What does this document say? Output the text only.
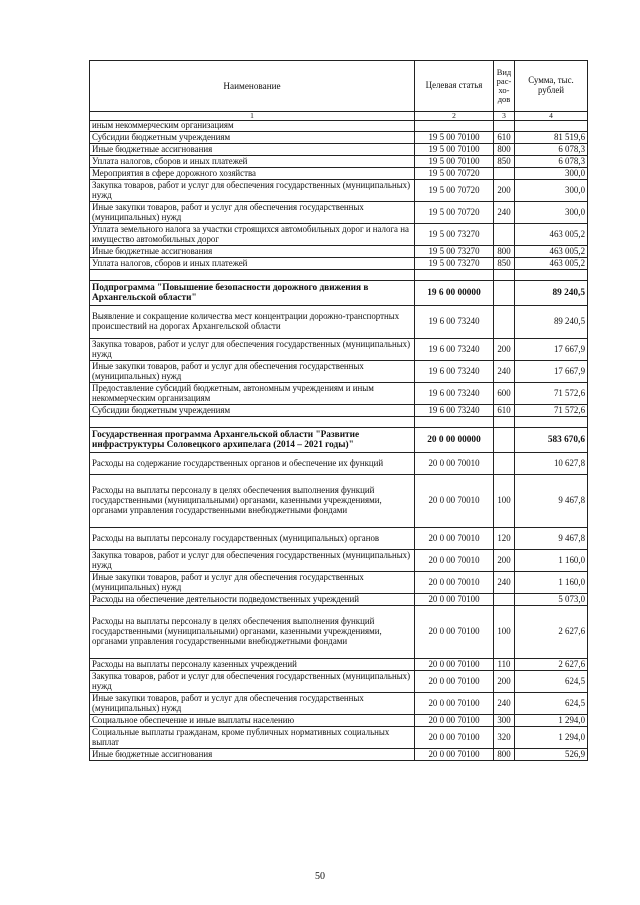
Наименование	Целевая статья	Вид рас-хо-дов	Сумма, тыс. рублей
1	2	3	4
иным некоммерческим организациям			
Субсидии бюджетным учреждениям	19 5 00 70100	610	81 519,6
Иные бюджетные ассигнования	19 5 00 70100	800	6 078,3
Уплата налогов, сборов и иных платежей	19 5 00 70100	850	6 078,3
Мероприятия в сфере дорожного хозяйства	19 5 00 70720		300,0
Закупка товаров, работ и услуг для обеспечения государственных (муниципальных) нужд	19 5 00 70720	200	300,0
Иные закупки товаров, работ и услуг для обеспечения государственных (муниципальных) нужд	19 5 00 70720	240	300,0
Уплата земельного налога за участки строящихся автомобильных дорог и налога на имущество автомобильных дорог	19 5 00 73270		463 005,2
Иные бюджетные ассигнования	19 5 00 73270	800	463 005,2
Уплата налогов, сборов и иных платежей	19 5 00 73270	850	463 005,2

Подпрограмма "Повышение безопасности дорожного движения в Архангельской области"	19 6 00 00000		89 240,5
Выявление и сокращение количества мест концентрации дорожно-транспортных происшествий на дорогах Архангельской области	19 6 00 73240		89 240,5
Закупка товаров, работ и услуг для обеспечения государственных (муниципальных) нужд	19 6 00 73240	200	17 667,9
Иные закупки товаров, работ и услуг для обеспечения государственных (муниципальных) нужд	19 6 00 73240	240	17 667,9
Предоставление субсидий бюджетным, автономным учреждениям и иным некоммерческим организациям	19 6 00 73240	600	71 572,6
Субсидии бюджетным учреждениям	19 6 00 73240	610	71 572,6

Государственная программа Архангельской области "Развитие инфраструктуры Соловецкого архипелага (2014 – 2021 годы)"	20 0 00 00000		583 670,6
Расходы на содержание государственных органов и обеспечение их функций	20 0 00 70010		10 627,8
Расходы на выплаты персоналу в целях обеспечения выполнения функций государственными (муниципальными) органами, казенными учреждениями, органами управления государственными внебюджетными фондами	20 0 00 70010	100	9 467,8
Расходы на выплаты персоналу государственных (муниципальных) органов	20 0 00 70010	120	9 467,8
Закупка товаров, работ и услуг для обеспечения государственных (муниципальных) нужд	20 0 00 70010	200	1 160,0
Иные закупки товаров, работ и услуг для обеспечения государственных (муниципальных) нужд	20 0 00 70010	240	1 160,0
Расходы на обеспечение деятельности подведомственных учреждений	20 0 00 70100		5 073,0
Расходы на выплаты персоналу в целях обеспечения выполнения функций государственными (муниципальными) органами, казенными учреждениями, органами управления государственными внебюджетными фондами	20 0 00 70100	100	2 627,6
Расходы на выплаты персоналу казенных учреждений	20 0 00 70100	110	2 627,6
Закупка товаров, работ и услуг для обеспечения государственных (муниципальных) нужд	20 0 00 70100	200	624,5
Иные закупки товаров, работ и услуг для обеспечения государственных (муниципальных) нужд	20 0 00 70100	240	624,5
Социальное обеспечение и иные выплаты населению	20 0 00 70100	300	1 294,0
Социальные выплаты гражданам, кроме публичных нормативных социальных выплат	20 0 00 70100	320	1 294,0
Иные бюджетные ассигнования	20 0 00 70100	800	526,9
50
